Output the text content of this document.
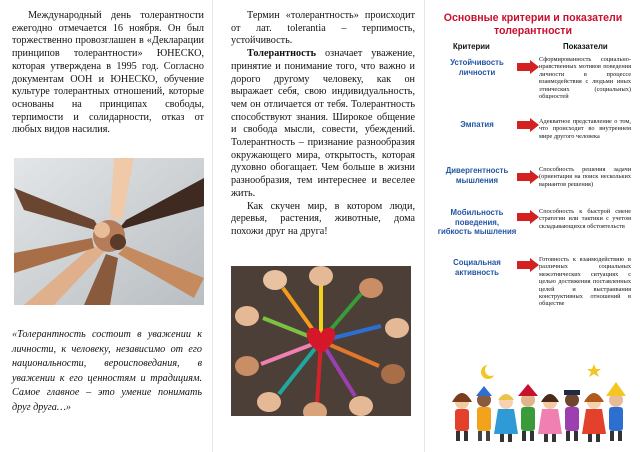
Международный день толерантности ежегодно отмечается 16 ноября. Он был торжественно провозглашен в «Декларации принципов толерантности» ЮНЕСКО, которая утверждена в 1995 год. Согласно документам ООН и ЮНЕСКО, обучение культуре толерантных отношений, которые основаны на принципах свободы, терпимости и солидарности, отказ от любых видов насилия.

«Толерантность состоит в уважении к личности, к человеку, независимо от его национальности, вероисповедания, в уважении к его ценностям и традициям. Самое главное – это умение понимать друг друга…»

Термин «толерантность» происходит от лат. tolerantia – терпимость, устойчивость.

Толерантность означает уважение, принятие и понимание того, что важно и дорого другому человеку, как он выражает себя, свою индивидуальность, чем он отличается от тебя. Толерантность способствуют знания. Широкое общение и свобода мысли, совести, убеждений. Толерантность – признание разнообразия окружающего мира, открытость, которая духовно обогащает. Чем больше в жизни разнообразия, тем интереснее и веселее жить.

Как скучен мир, в котором люди, деревья, растения, животные, дома похожи друг на друга!

Основные критерии и показатели толерантности
Критерии	Показатели
Устойчивость личности
Сформированность социально-нравственных мотивов поведения личности в процессе взаимодействия с людьми иных этнических (социальных) общностей
Эмпатия	Адекватное представление о том, что происходит во внутреннем мире другого человека
Дивергентность мышления
Способность решения задачи (ориентация на поиск нескольких вариантов решения)
Мобильность поведения, гибкость мышления
Способность к быстрой смене стратегии или тактики с учетом складывающихся обстоятельств
Социальная активность
Готовность к взаимодействию в различных социальных межэтнических ситуациях с целью достижения поставленных целей и выстраивания конструктивных отношений в обществе
